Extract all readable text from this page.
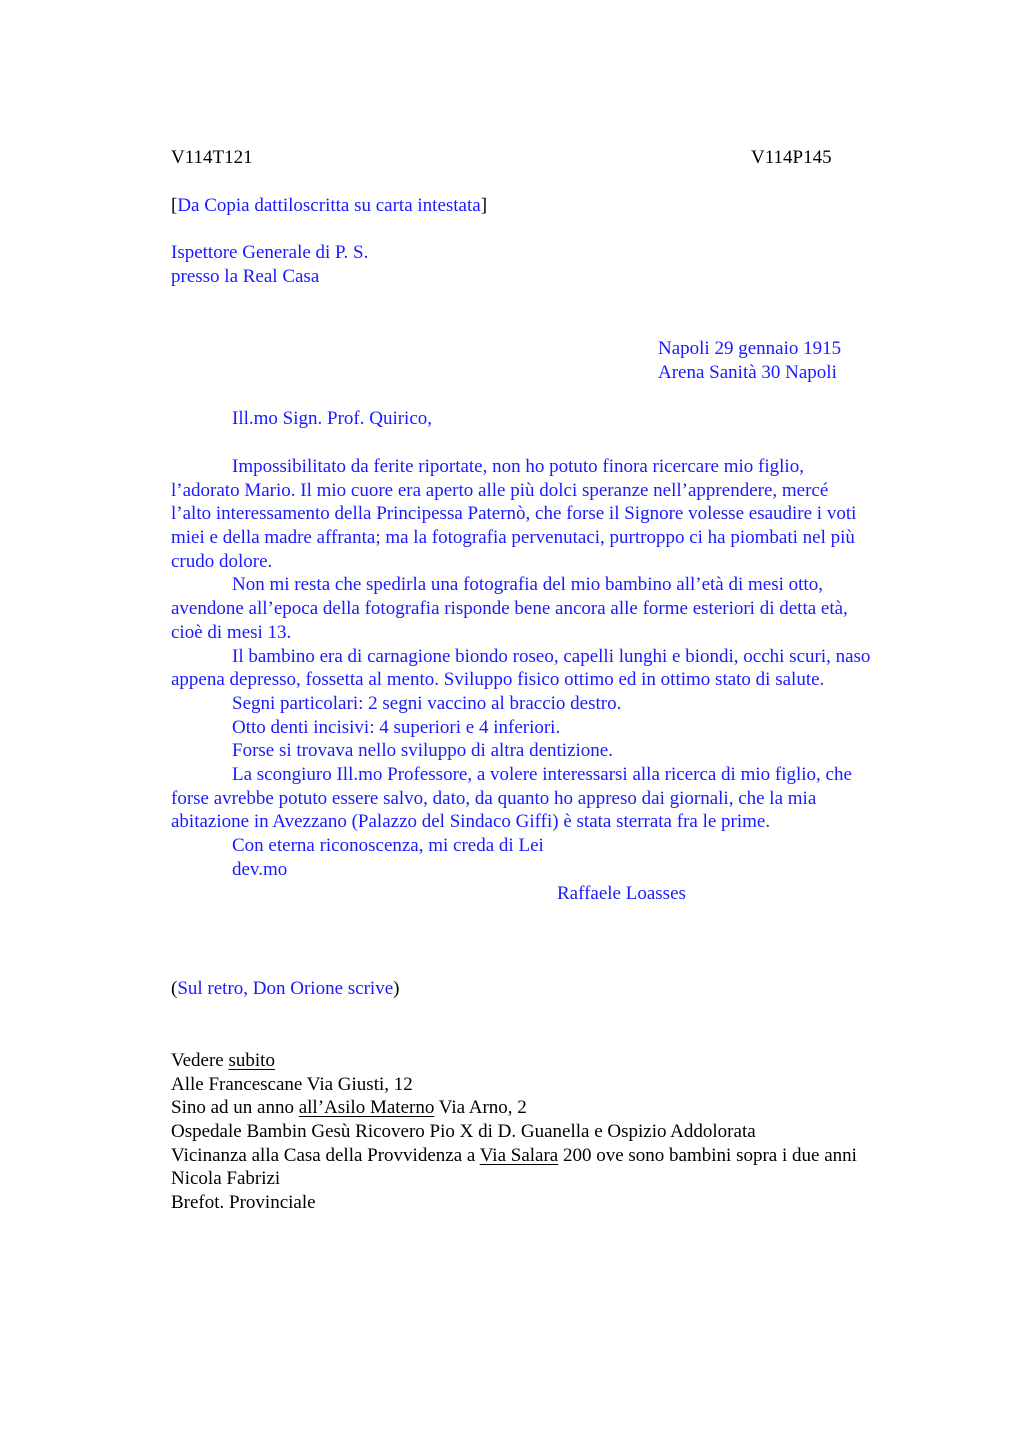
V114T121	V114P145
[Da Copia dattiloscritta su carta intestata]
Ispettore Generale di P. S.
presso la Real Casa
Napoli 29 gennaio 1915
Arena Sanità 30 Napoli
Ill.mo Sign. Prof. Quirico,
Impossibilitato da ferite riportate, non ho potuto finora ricercare mio figlio,
l’adorato Mario. Il mio cuore era aperto alle più dolci speranze nell’apprendere, mercé
l’alto interessamento della Principessa Paternò, che forse il Signore volesse esaudire i voti
miei e della madre affranta; ma la fotografia pervenutaci, purtroppo ci ha piombati nel più
crudo dolore.
Non mi resta che spedirla una fotografia del mio bambino all’età di mesi otto,
avendone all’epoca della fotografia risponde bene ancora alle forme esteriori di detta età,
cioè di mesi 13.
Il bambino era di carnagione biondo roseo, capelli lunghi e biondi, occhi scuri, naso
appena depresso, fossetta al mento. Sviluppo fisico ottimo ed in ottimo stato di salute.
Segni particolari: 2 segni vaccino al braccio destro.
Otto denti incisivi: 4 superiori e 4 inferiori.
Forse si trovava nello sviluppo di altra dentizione.
La scongiuro Ill.mo Professore, a volere interessarsi alla ricerca di mio figlio, che
forse avrebbe potuto essere salvo, dato, da quanto ho appreso dai giornali, che la mia
abitazione in Avezzano (Palazzo del Sindaco Giffi) è stata sterrata fra le prime.
Con eterna riconoscenza, mi creda di Lei
dev.mo
Raffaele Loasses
(Sul retro, Don Orione scrive)
Vedere subito
Alle Francescane Via Giusti, 12
Sino ad un anno all’Asilo Materno Via Arno, 2
Ospedale Bambin Gesù Ricovero Pio X di D. Guanella e Ospizio Addolorata
Vicinanza alla Casa della Provvidenza a Via Salara 200 ove sono bambini sopra i due anni
Nicola Fabrizi
Brefot. Provinciale
